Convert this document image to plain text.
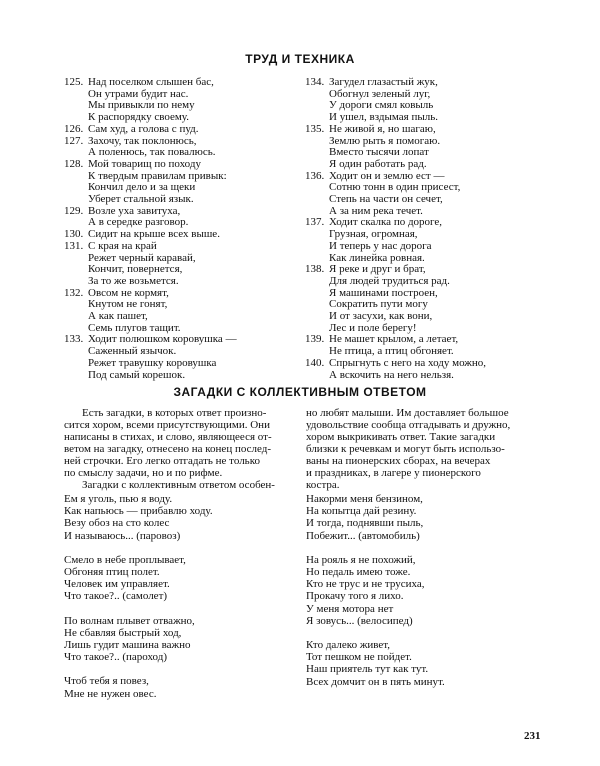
ТРУД И ТЕХНИКА
125. Над поселком слышен бас,
Он утрами будит нас.
Мы привыкли по нему
К распорядку своему.
126. Сам худ, а голова с пуд.
127. Захочу, так поклонюсь,
А поленюсь, так повалюсь.
128. Мой товарищ по походу
К твердым правилам привык:
Кончил дело и за щеки
Уберет стальной язык.
129. Возле уха завитуха,
А в середке разговор.
130. Сидит на крыше всех выше.
131. С края на край
Режет черный каравай,
Кончит, повернется,
За то же возьмется.
132. Овсом не кормят,
Кнутом не гонят,
А как пашет,
Семь плугов тащит.
133. Ходит полюшком коровушка —
Саженный язычок.
Режет травушку коровушка
Под самый корешок.
134. Загудел глазастый жук,
Обогнул зеленый луг,
У дороги смял ковыль
И ушел, вздымая пыль.
135. Не живой я, но шагаю,
Землю рыть я помогаю.
Вместо тысячи лопат
Я один работать рад.
136. Ходит он и землю ест —
Сотню тонн в один присест,
Степь на части он сечет,
А за ним река течет.
137. Ходит скалка по дороге,
Грузная, огромная,
И теперь у нас дорога
Как линейка ровная.
138. Я реке и друг и брат,
Для людей трудиться рад.
Я машинами построен,
Сократить пути могу
И от засухи, как вони,
Лес и поле берегу!
139. Не машет крылом, а летает,
Не птица, а птиц обгоняет.
140. Спрыгнуть с него на ходу можно,
А вскочить на него нельзя.
ЗАГАДКИ С КОЛЛЕКТИВНЫМ ОТВЕТОМ
Есть загадки, в которых ответ произно-
сится хором, всеми присутствующими. Они
написаны в стихах, и слово, являющееся от-
ветом на загадку, отнесено на конец послед-
ней строчки. Его легко отгадать не только
по смыслу задачи, но и по рифме.
Загадки с коллективным ответом особен-
но любят малыши. Им доставляет большое
удовольствие сообща отгадывать и дружно,
хором выкрикивать ответ. Такие загадки
близки к речевкам и могут быть использо-
ваны на пионерских сборах, на вечерах
и праздниках, в лагере у пионерского
костра.
Ем я уголь, пью я воду.
Как напьюсь — прибавлю ходу.
Везу обоз на сто колес
И называюсь... (паровоз)
Смело в небе проплывает,
Обгоняя птиц полет.
Человек им управляет.
Что такое?.. (самолет)
По волнам плывет отважно,
Не сбавляя быстрый ход,
Лишь гудит машина важно
Что такое?.. (пароход)
Чтоб тебя я повез,
Мне не нужен овес.
Накорми меня бензином,
На копытца дай резину.
И тогда, поднявши пыль,
Побежит... (автомобиль)
На рояль я не похожий,
Но педаль имею тоже.
Кто не трус и не трусиха,
Прокачу того я лихо.
У меня мотора нет
Я зовусь... (велосипед)
Кто далеко живет,
Тот пешком не пойдет.
Наш приятель тут как тут.
Всех домчит он в пять минут.
231
